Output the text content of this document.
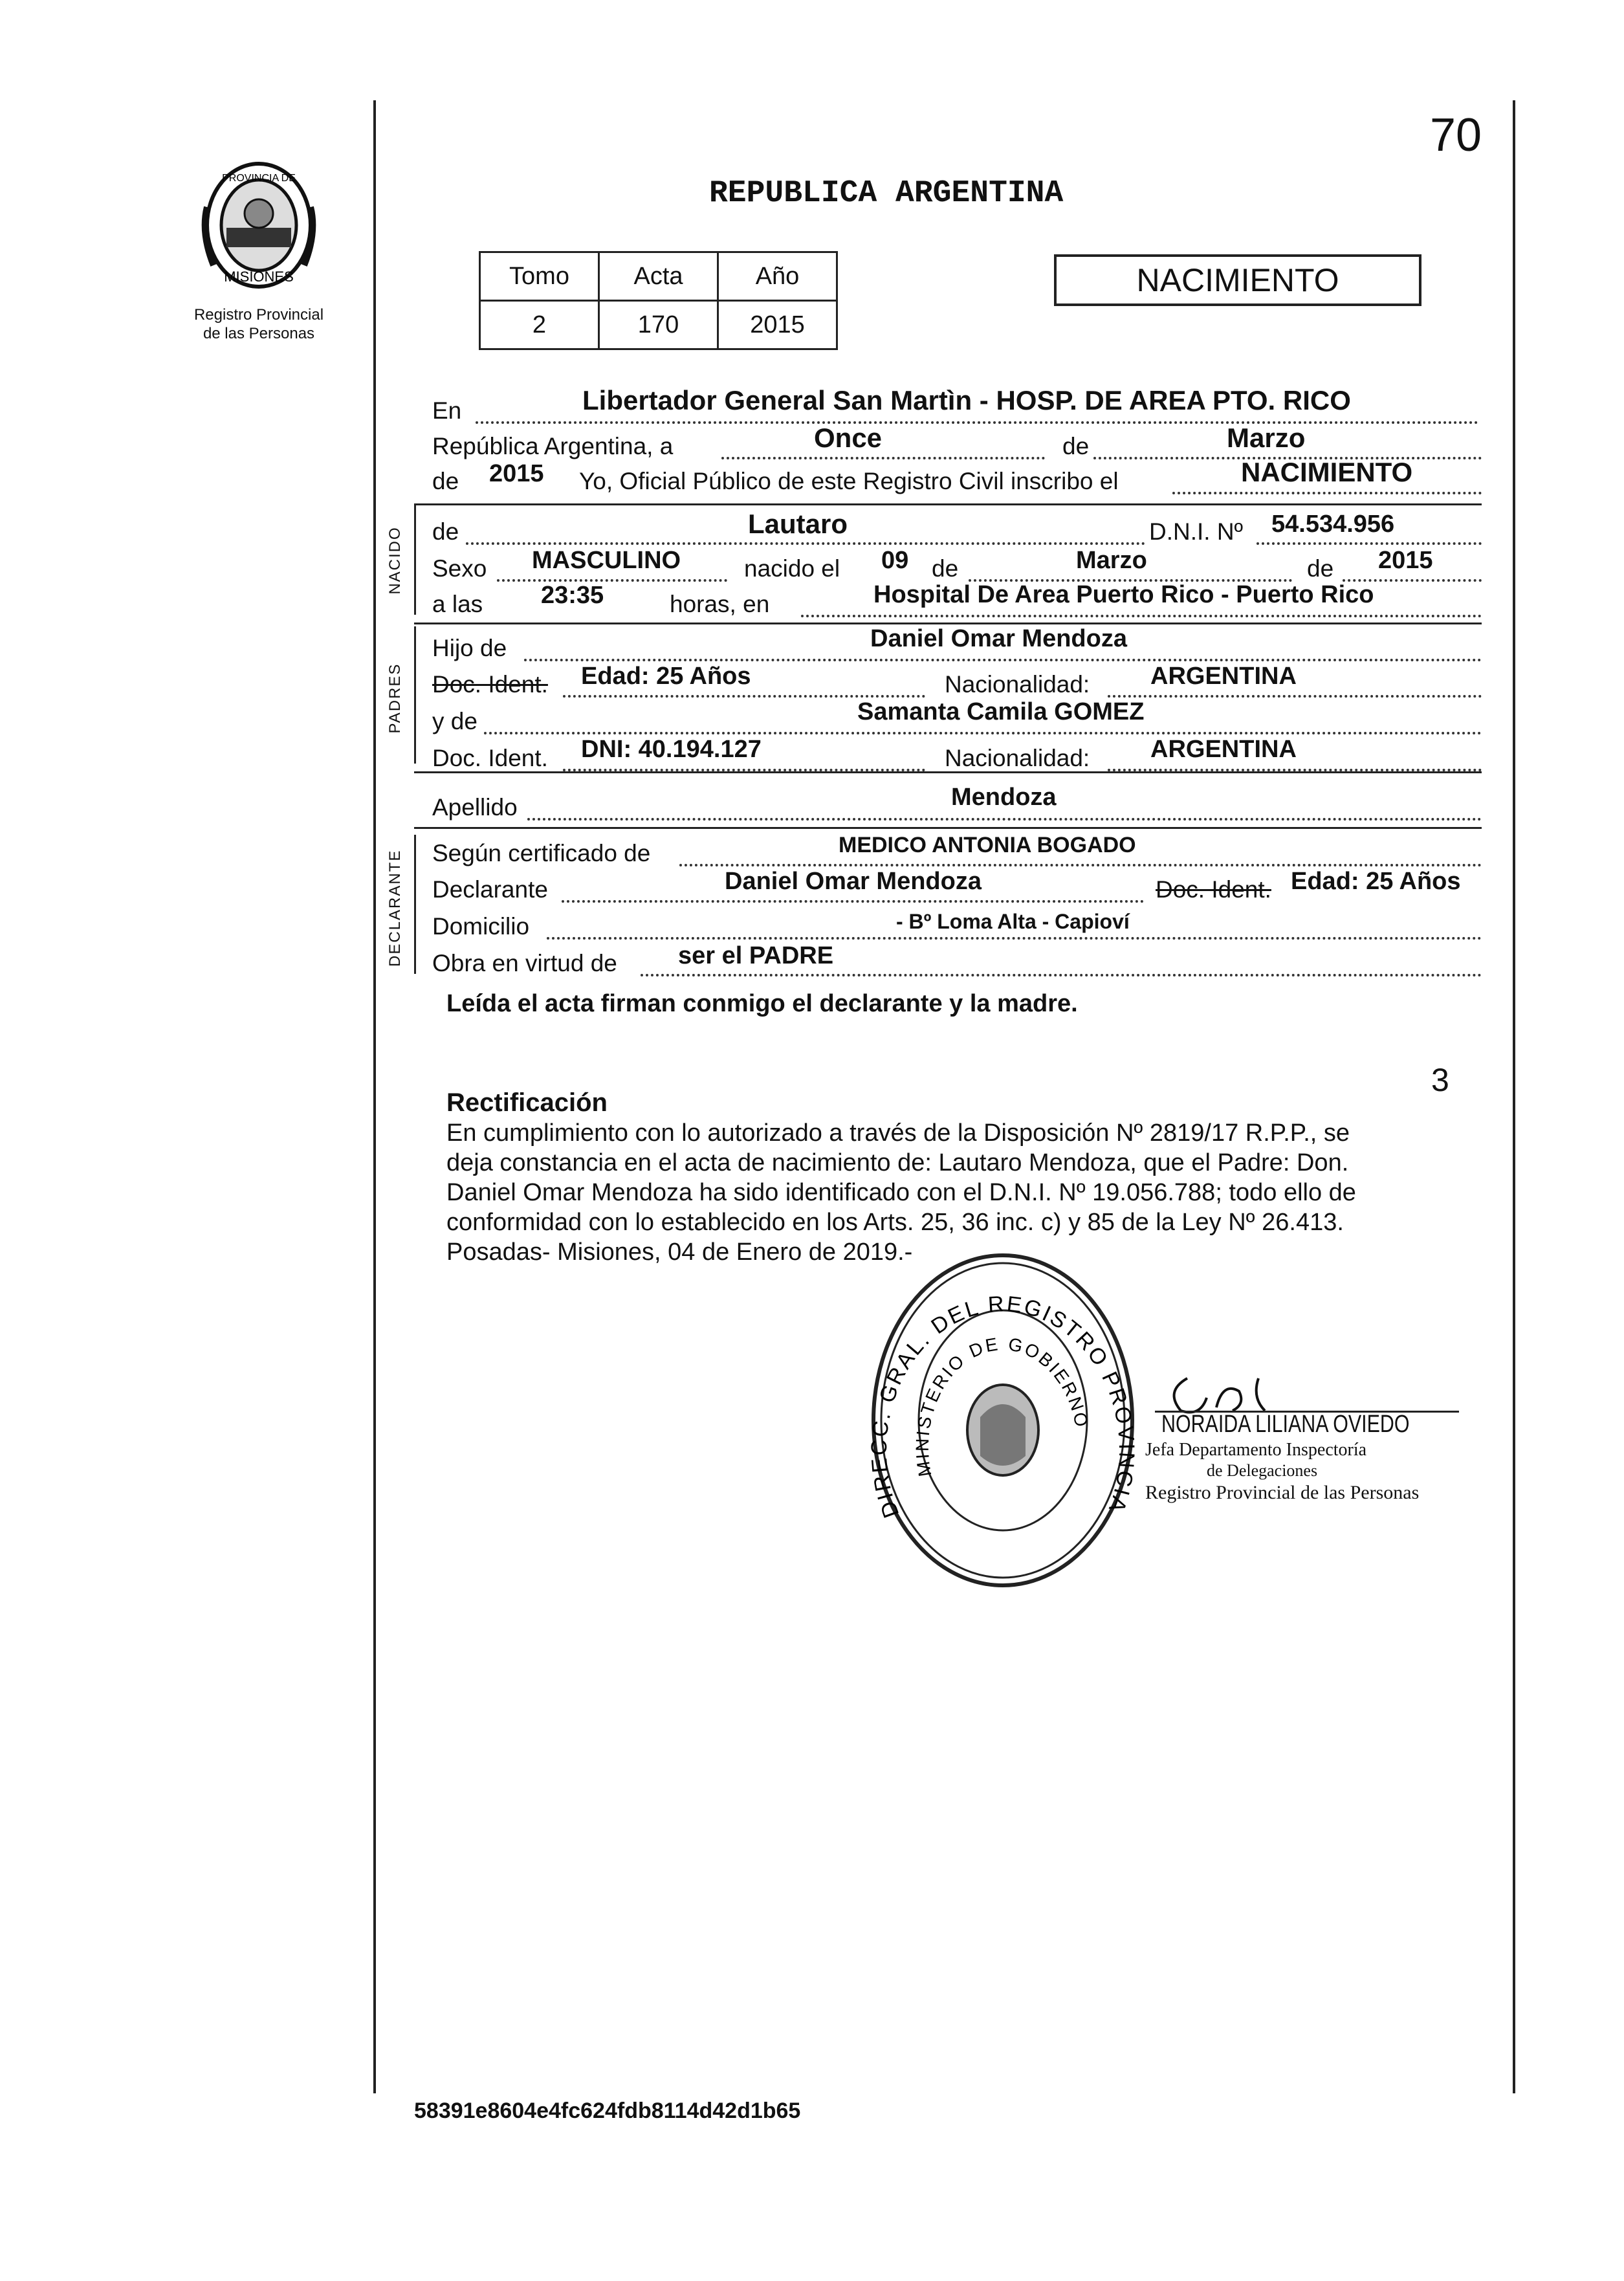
70
PROVINCIA DE
MISIONES
Registro Provincial
de las Personas
REPUBLICA ARGENTINA
Tomo	Acta	Año
2	170	2015
NACIMIENTO
En	Libertador General San Martìn - HOSP. DE AREA PTO. RICO
República Argentina, a	Once	de	Marzo
de 2015 Yo, Oficial Público de este Registro Civil inscribo el	NACIMIENTO
NACIDO de	Lautaro	D.N.I. Nº 54.534.956
Sexo MASCULINO	nacido el 09 de	Marzo	de 2015
a las 23:35	horas, en	Hospital De Area Puerto Rico - Puerto Rico
PADRES
Hijo de	Daniel Omar Mendoza
Doc. Ident. Edad: 25 Años	Nacionalidad: ARGENTINA
y de	Samanta Camila GOMEZ
Doc. Ident. DNI: 40.194.127	Nacionalidad: ARGENTINA
Apellido	Mendoza
DECLARANTE Según certificado de	MEDICO ANTONIA BOGADO
Declarante	Daniel Omar Mendoza	Doc. Ident. Edad: 25 Años
Domicilio	- Bº Loma Alta - Capioví
Obra en virtud de ser el PADRE
Leída el acta firman conmigo el declarante y la madre.
3
Rectificación
En cumplimiento con lo autorizado a través de la Disposición Nº 2819/17 R.P.P., se
deja constancia en el acta de nacimiento de: Lautaro Mendoza, que el Padre: Don.
Daniel Omar Mendoza ha sido identificado con el D.N.I. Nº 19.056.788; todo ello de
conformidad con lo establecido en los Arts. 25, 36 inc. c) y 85 de la Ley Nº 26.413.
Posadas- Misiones, 04 de Enero de 2019.-
DIRECC. GRAL. DEL REGISTRO PROVINCIA
MINISTERIO DE GOBIERNO	NORAIDA LILIANA OVIEDO
Jefa Departamento Inspectoría
de Delegaciones
Registro Provincial de las Personas
58391e8604e4fc624fdb8114d42d1b65
